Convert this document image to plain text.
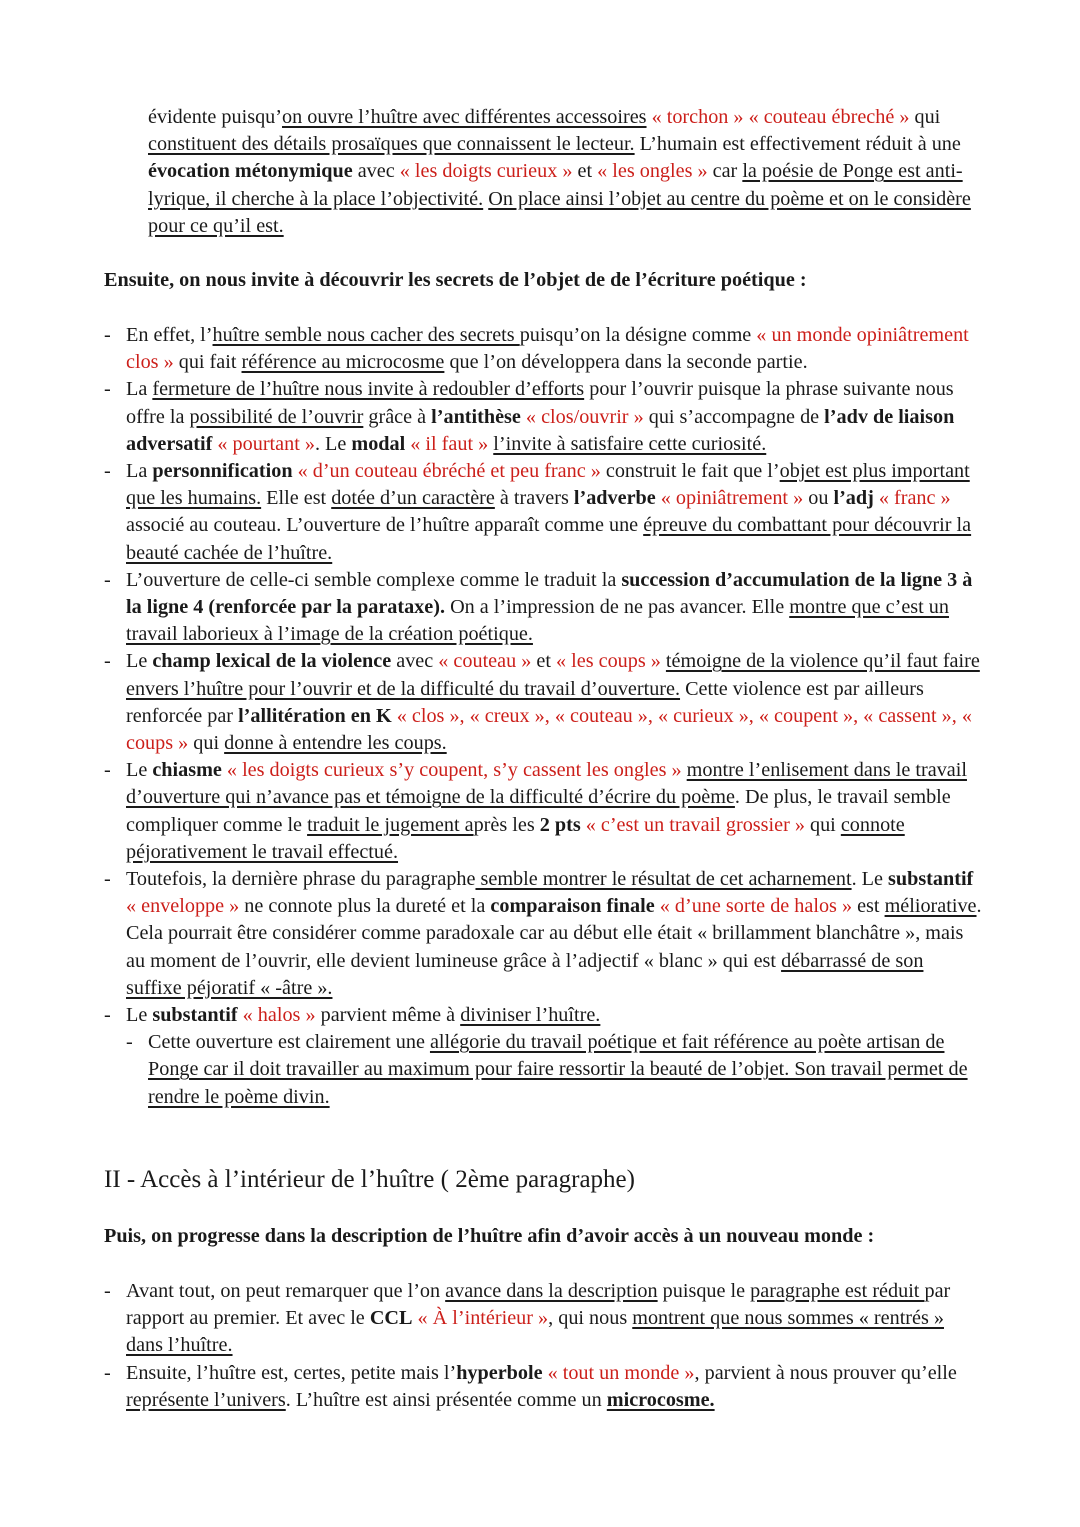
évidente puisqu’on ouvre l’huître avec différentes accessoires « torchon » « couteau ébreché » qui constituent des détails prosaïques que connaissent le lecteur. L’humain est effectivement réduit à une évocation métonymique avec « les doigts curieux » et « les ongles » car la poésie de Ponge est anti-lyrique, il cherche à la place l’objectivité. On place ainsi l’objet au centre du poème et on le considère pour ce qu’il est.

Ensuite, on nous invite à découvrir les secrets de l’objet de de l’écriture poétique :

- En effet, l’huître semble nous cacher des secrets puisqu’on la désigne comme « un monde opiniâtrement clos » qui fait référence au microcosme que l’on développera dans la seconde partie.
- La fermeture de l’huître nous invite à redoubler d’efforts pour l’ouvrir puisque la phrase suivante nous offre la possibilité de l’ouvrir grâce à l’antithèse « clos/ouvrir » qui s’accompagne de l’adv de liaison adversatif « pourtant ». Le modal « il faut » l’invite à satisfaire cette curiosité.
- La personnification « d’un couteau ébréché et peu franc » construit le fait que l’objet est plus important que les humains. Elle est dotée d’un caractère à travers l’adverbe « opiniâtrement » ou l’adj « franc » associé au couteau. L’ouverture de l’huître apparaît comme une épreuve du combattant pour découvrir la beauté cachée de l’huître.
- L’ouverture de celle-ci semble complexe comme le traduit la succession d’accumulation de la ligne 3 à la ligne 4 (renforcée par la parataxe). On a l’impression de ne pas avancer. Elle montre que c’est un travail laborieux à l’image de la création poétique.
- Le champ lexical de la violence avec « couteau » et « les coups » témoigne de la violence qu’il faut faire envers l’huître pour l’ouvrir et de la difficulté du travail d’ouverture. Cette violence est par ailleurs renforcée par l’allitération en K « clos », « creux », « couteau », « curieux », « coupent », « cassent », « coups » qui donne à entendre les coups.
- Le chiasme « les doigts curieux s’y coupent, s’y cassent les ongles » montre l’enlisement dans le travail d’ouverture qui n’avance pas et témoigne de la difficulté d’écrire du poème. De plus, le travail semble compliquer comme le traduit le jugement après les 2 pts « c’est un travail grossier » qui connote péjorativement le travail effectué.
- Toutefois, la dernière phrase du paragraphe semble montrer le résultat de cet acharnement. Le substantif « enveloppe » ne connote plus la dureté et la comparaison finale « d’une sorte de halos » est méliorative. Cela pourrait être considérer comme paradoxale car au début elle était « brillamment blanchâtre », mais au moment de l’ouvrir, elle devient lumineuse grâce à l’adjectif « blanc » qui est débarrassé de son suffixe péjoratif « -âtre ».
- Le substantif « halos » parvient même à diviniser l’huître.
- Cette ouverture est clairement une allégorie du travail poétique et fait référence au poète artisan de Ponge car il doit travailler au maximum pour faire ressortir la beauté de l’objet. Son travail permet de rendre le poème divin.

II - Accès à l’intérieur de l’huître ( 2ème paragraphe)

Puis, on progresse dans la description de l’huître afin d’avoir accès à un nouveau monde :

- Avant tout, on peut remarquer que l’on avance dans la description puisque le paragraphe est réduit par rapport au premier. Et avec le CCL « À l’intérieur », qui nous montrent que nous sommes « rentrés » dans l’huître.
- Ensuite, l’huître est, certes, petite mais l’hyperbole « tout un monde », parvient à nous prouver qu’elle représente l’univers. L’huître est ainsi présentée comme un microcosme.
